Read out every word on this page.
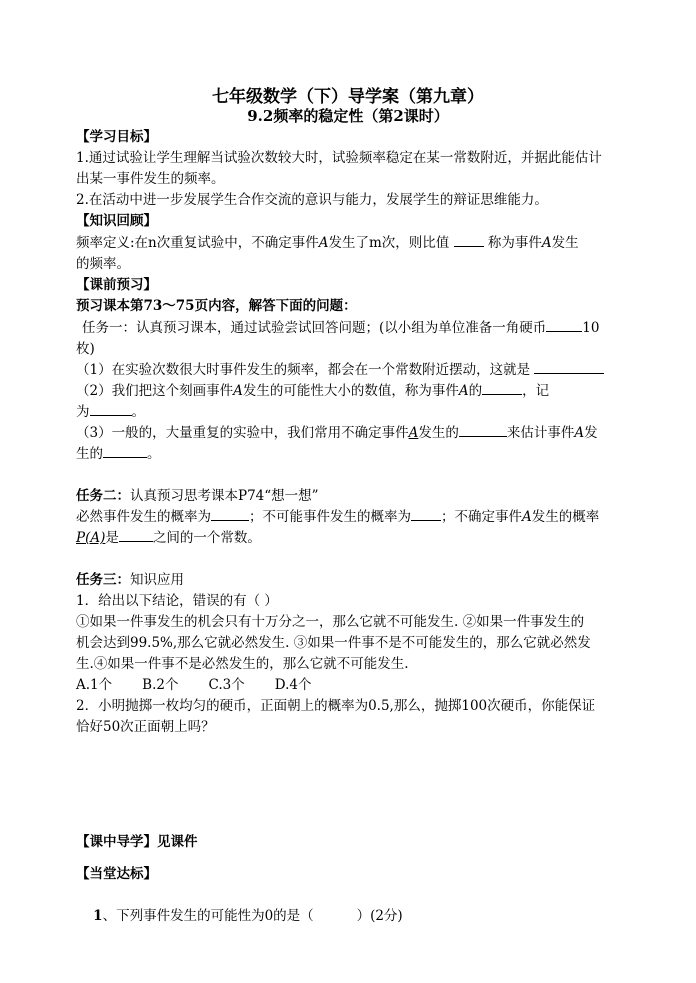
七年级数学（下）导学案（第九章）
9.2频率的稳定性（第2课时）
【学习目标】
1.通过试验让学生理解当试验次数较大时，试验频率稳定在某一常数附近，并据此能估计
出某一事件发生的频率。
2.在活动中进一步发展学生合作交流的意识与能力，发展学生的辩证思维能力。
【知识回顾】
频率定义:在n次重复试验中，不确定事件A发生了m次，则比值	称为事件A发生
的频率。
【课前预习】
预习课本第73～75页内容，解答下面的问题：
任务一：认真预习课本，通过试验尝试回答问题；(以小组为单位准备一角硬币	10
枚)
（1）在实验次数很大时事件发生的频率，都会在一个常数附近摆动，这就是
（2）我们把这个刻画事件A发生的可能性大小的数值，称为事件A的	，记
为	。
（3）一般的，大量重复的实验中，我们常用不确定事件A发生的	来估计事件A发
生的	。
任务二：认真预习思考课本P74“想一想”
必然事件发生的概率为	；不可能事件发生的概率为 ；不确定事件A发生的概率
P(A)是	之间的一个常数。
任务三：知识应用
1．给出以下结论，错误的有（ ）
①如果一件事发生的机会只有十万分之一，那么它就不可能发生. ②如果一件事发生的
机会达到99.5%,那么它就必然发生. ③如果一件事不是不可能发生的，那么它就必然发
生.④如果一件事不是必然发生的，那么它就不可能发生.
A.1个       B.2个       C.3个       D.4个
2．小明抛掷一枚均匀的硬币，正面朝上的概率为0.5,那么，抛掷100次硬币，你能保证
恰好50次正面朝上吗？
【课中导学】见课件
【当堂达标】

1、下列事件发生的可能性为0的是（          ）(2分)
